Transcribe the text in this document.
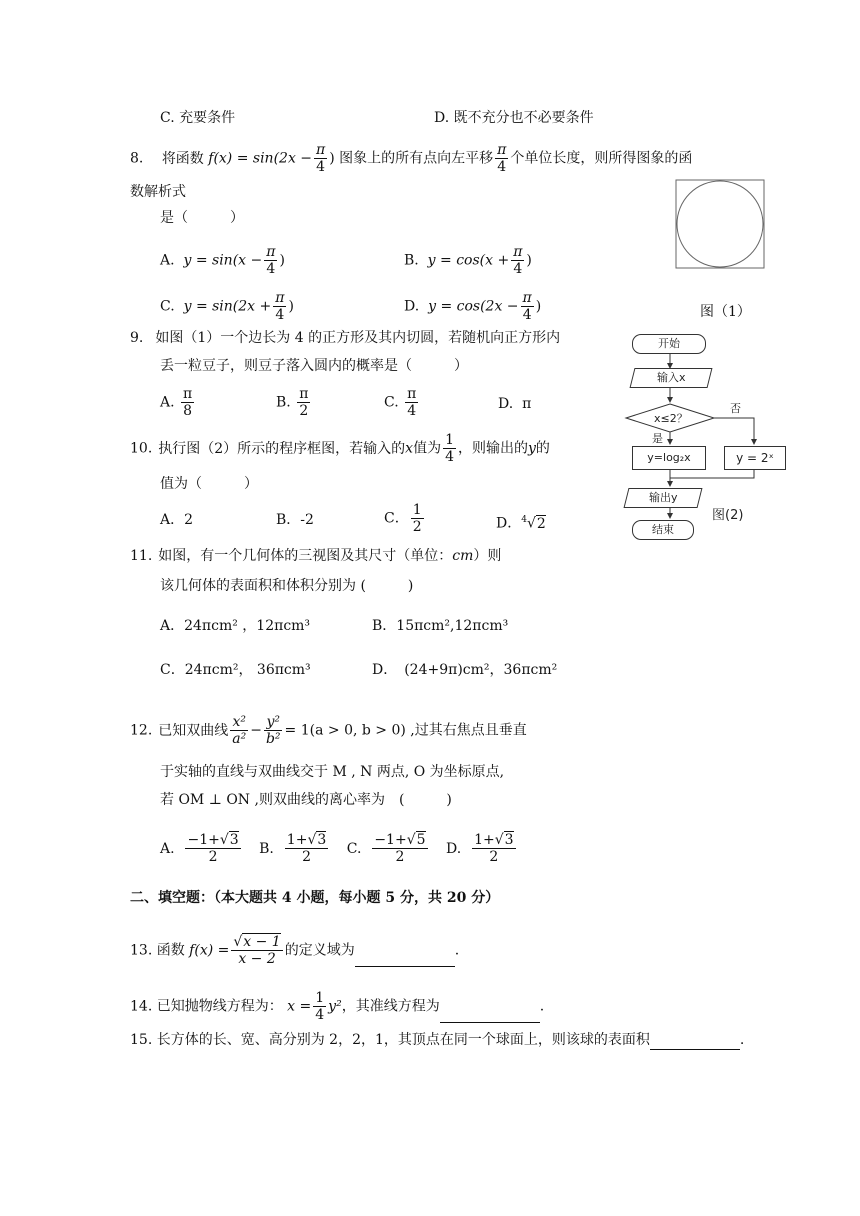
C. 充要条件	D. 既不充分也不必要条件
8. 将函数 $f(x) = \sin(2x - \frac{\pi}{4}$ ) 图象上的所有点向左平移 $\frac{\pi}{4}$ 个单位长度，则所得图象的函
数解析式
是（　　　）
A. $y = \sin(x - \frac{\pi}{4}$ )	B. $y = \cos(x + \frac{\pi}{4}$ )
C. $y = \sin(2x + \frac{\pi}{4}$ )	D. $y = \cos(2x - \frac{\pi}{4}$ )	图（1）
9. 如图（1）一个边长为 4 的正方形及其内切圆，若随机向正方形内
丢一粒豆子，则豆子落入圆内的概率是（　　　）
A. $\frac{\pi}{8}$	B. $\frac{\pi}{2}$	C. $\frac{\pi}{4}$	D. π
10. 执行图（2）所示的程序框图，若输入的x值为 $\frac{1}{4}$ ，则输出的y的
值为（　　　）
A．2	B．-2	C． $\frac{1}{2}$	D．$^4$√2
开始
输入x
x≤2？
否
是
y=log₂x	y = 2ˣ
输出y
结束
图(2)
11. 如图，有一个几何体的三视图及其尺寸（单位：cm）则
该几何体的表面积和体积分别为 (　　　)
A．24πcm² ，12πcm³	B．15πcm²,12πcm³
C．24πcm²， 36πcm³	D．　(24+9π)cm²，36πcm²
12. 已知双曲线 $\frac{\text{x²}}{\text{a²}} - \frac{\text{y²}}{\text{b²}} = 1(a > 0$, b > 0) ,过其右焦点且垂直
于实轴的直线与双曲线交于 M , N 两点, O 为坐标原点,
若 OM ⊥ ON ,则双曲线的离心率为　(　　　)
A. $\frac{-1+√3}{2} B$. $\frac{1+√3}{2} C$. $\frac{-1+√5}{2} D$. $\frac{1+√3}{2}$
二、填空题：（本大题共 4 小题，每小题 5 分，共 20 分）
13. 函数 $f(x) = \frac{√x - 1}{x - 2}$ 的定义域为	.
14. 已知抛物线方程为： $x = \frac{1}{4} y^2$，其准线方程为	.
15. 长方体的长、宽、高分别为 2，2，1，其顶点在同一个球面上，则该球的表面积	.
